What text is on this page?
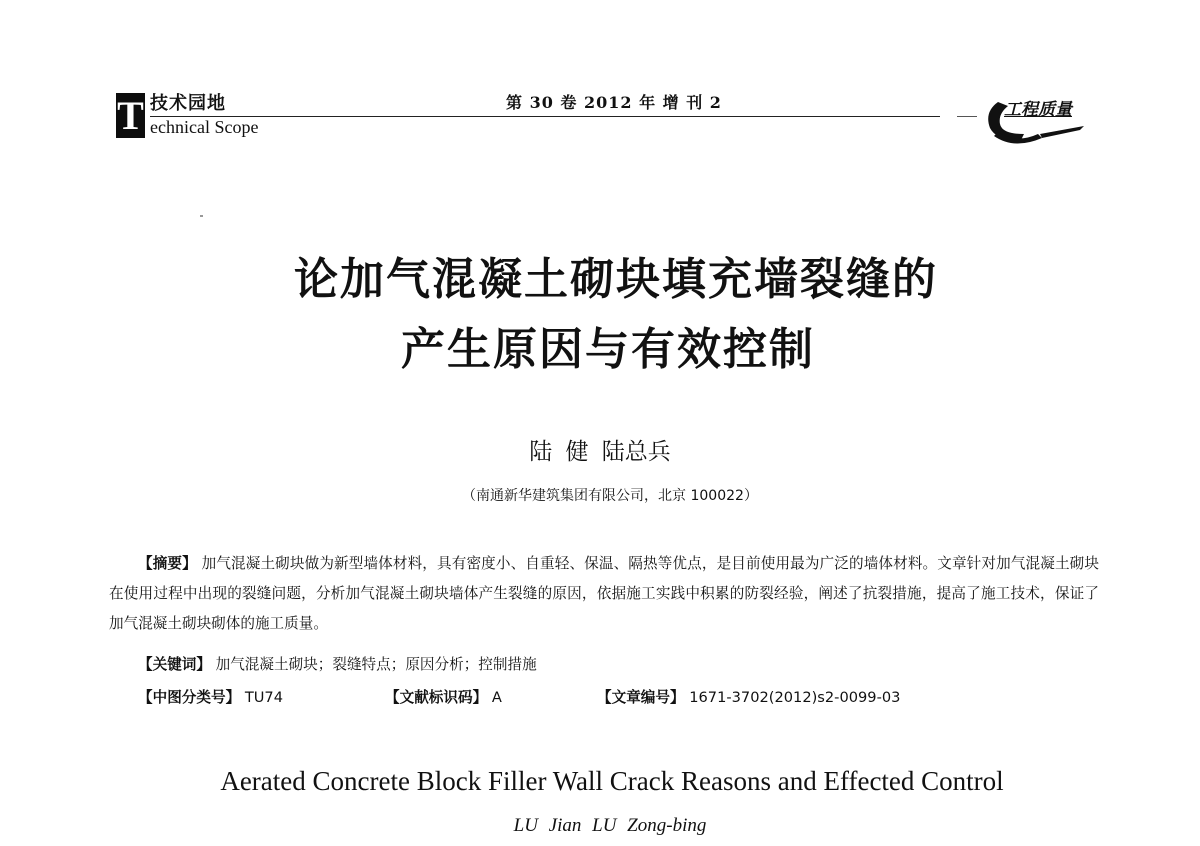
T 技术园地
echnical Scope
第 30 卷 2012 年 增 刊 2	工程质量
论加气混凝土砌块填充墙裂缝的
产生原因与有效控制
陆 健 陆总兵
（南通新华建筑集团有限公司，北京 100022）
【摘要】 加气混凝土砌块做为新型墙体材料，具有密度小、自重轻、保温、隔热等优点，是目前使用最为广泛的墙体材料。文章针对加气混凝土砌块在使用过程中出现的裂缝问题，分析加气混凝土砌块墙体产生裂缝的原因，依据施工实践中积累的防裂经验，阐述了抗裂措施，提高了施工技术，保证了加气混凝土砌块砌体的施工质量。
【关键词】 加气混凝土砌块；裂缝特点；原因分析；控制措施
【中图分类号】 TU74	【文献标识码】 A	【文章编号】 1671-3702(2012)s2-0099-03
Aerated Concrete Block Filler Wall Crack Reasons and Effected Control
LU Jian LU Zong-bing
